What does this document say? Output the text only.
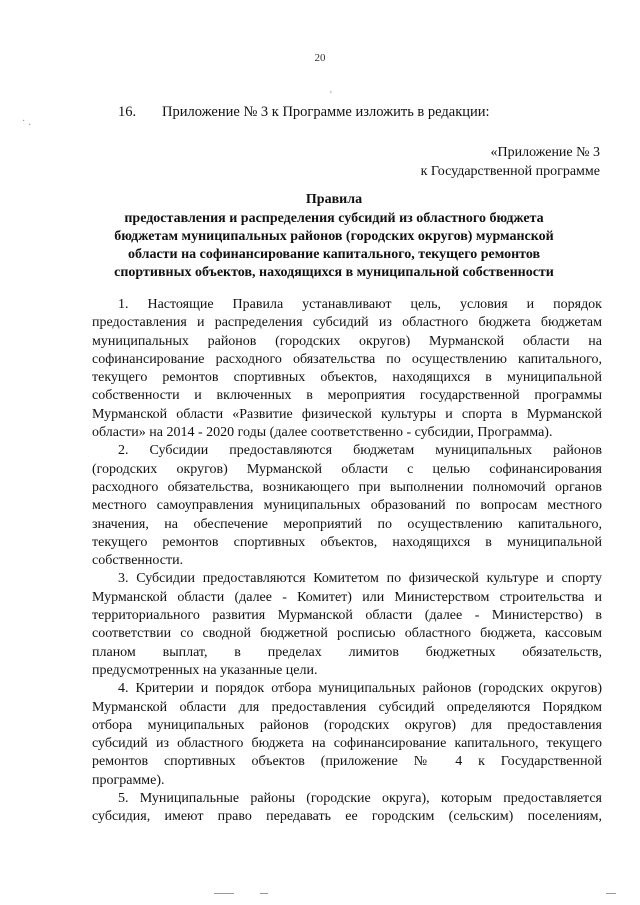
20
· ·
'
16. Приложение № 3 к Программе изложить в редакции:
«Приложение № 3
к Государственной программе
Правила
предоставления и распределения субсидий из областного бюджета
бюджетам муниципальных районов (городских округов) мурманской
области на софинансирование капитального, текущего ремонтов
спортивных объектов, находящихся в муниципальной собственности

1. Настоящие Правила устанавливают цель, условия и порядок
предоставления и распределения субсидий из областного бюджета бюджетам
муниципальных районов (городских округов) Мурманской области на
софинансирование расходного обязательства по осуществлению капитального,
текущего ремонтов спортивных объектов, находящихся в муниципальной
собственности и включенных в мероприятия государственной программы
Мурманской области «Развитие физической культуры и спорта в Мурманской
области» на 2014 - 2020 годы (далее соответственно - субсидии, Программа).

2. Субсидии предоставляются бюджетам муниципальных районов
(городских округов) Мурманской области с целью софинансирования
расходного обязательства, возникающего при выполнении полномочий органов
местного самоуправления муниципальных образований по вопросам местного
значения, на обеспечение мероприятий по осуществлению капитального,
текущего ремонтов спортивных объектов, находящихся в муниципальной
собственности.

3. Субсидии предоставляются Комитетом по физической культуре и спорту
Мурманской области (далее - Комитет) или Министерством строительства и
территориального развития Мурманской области (далее - Министерство) в
соответствии со сводной бюджетной росписью областного бюджета, кассовым
планом выплат, в пределах лимитов бюджетных обязательств,
предусмотренных на указанные цели.

4. Критерии и порядок отбора муниципальных районов (городских округов)
Мурманской области для предоставления субсидий определяются Порядком
отбора муниципальных районов (городских округов) для предоставления
субсидий из областного бюджета на софинансирование капитального, текущего
ремонтов спортивных объектов (приложение № 4 к Государственной
программе).

5. Муниципальные районы (городские округа), которым предоставляется
субсидия, имеют право передавать ее городским (сельским) поселениям,
